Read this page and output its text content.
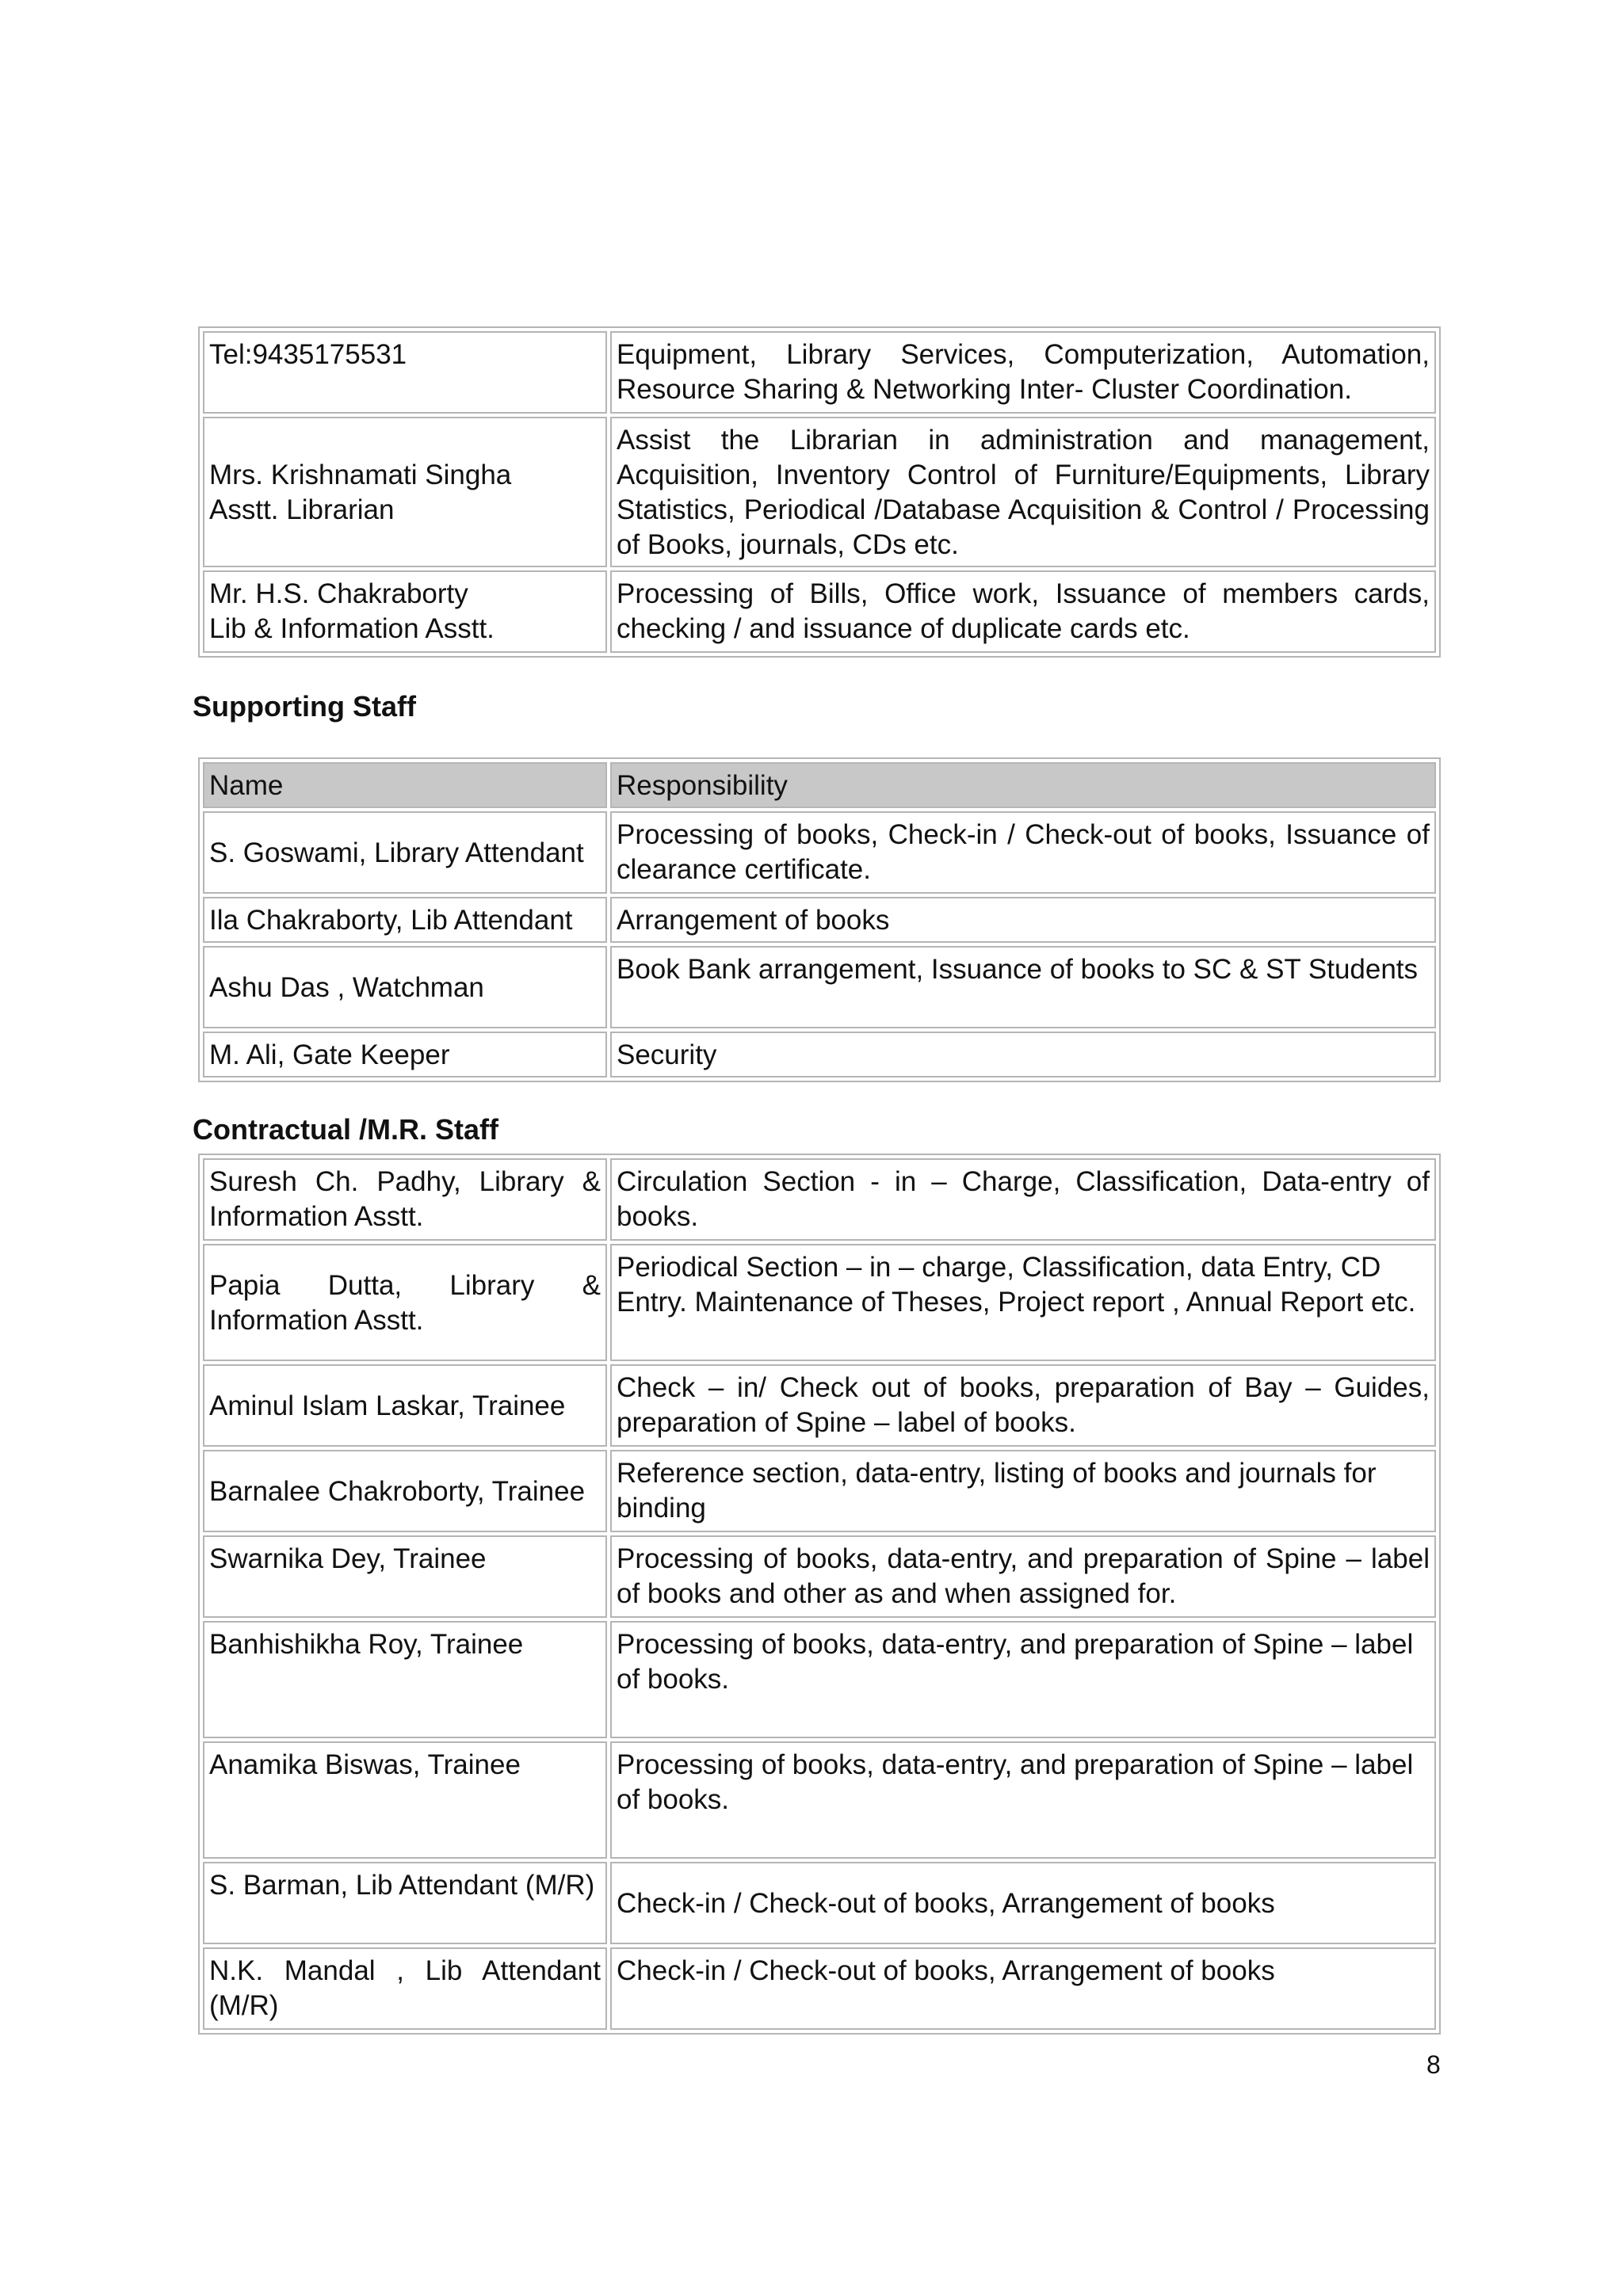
Tel:9435175531	Equipment, Library Services, Computerization, Automation, Resource Sharing & Networking Inter- Cluster Coordination.

Mrs. Krishnamati Singha
Asstt. Librarian	Assist the Librarian in administration and management, Acquisition, Inventory Control of Furniture/Equipments, Library Statistics, Periodical /Database Acquisition & Control / Processing of Books, journals, CDs etc.

Mr. H.S. Chakraborty
Lib & Information Asstt.	Processing of Bills, Office work, Issuance of members cards, checking / and issuance of duplicate cards etc.
Supporting Staff
Name	Responsibility
S. Goswami, Library Attendant	Processing of books, Check-in / Check-out of books, Issuance of clearance certificate.
Ila Chakraborty, Lib Attendant	Arrangement of books
Ashu Das , Watchman	Book Bank arrangement, Issuance of books to SC & ST Students
M. Ali, Gate Keeper	Security
Contractual /M.R. Staff
Suresh Ch. Padhy, Library & Information Asstt.	Circulation Section - in – Charge, Classification, Data-entry of books.
Papia Dutta, Library & Information Asstt.	Periodical Section – in – charge, Classification, data Entry, CD Entry. Maintenance of Theses, Project report , Annual Report etc.
Aminul Islam Laskar, Trainee	Check – in/ Check out of books, preparation of Bay – Guides, preparation of Spine – label of books.
Barnalee Chakroborty, Trainee	Reference section, data-entry, listing of books and journals for binding
Swarnika Dey, Trainee	Processing of books, data-entry, and preparation of Spine – label of books and other as and when assigned for.
Banhishikha Roy, Trainee	Processing of books, data-entry, and preparation of Spine – label of books.
Anamika Biswas, Trainee	Processing of books, data-entry, and preparation of Spine – label of books.
S. Barman, Lib Attendant (M/R)	Check-in / Check-out of books, Arrangement of books
N.K. Mandal , Lib Attendant (M/R)	Check-in / Check-out of books, Arrangement of books
8
